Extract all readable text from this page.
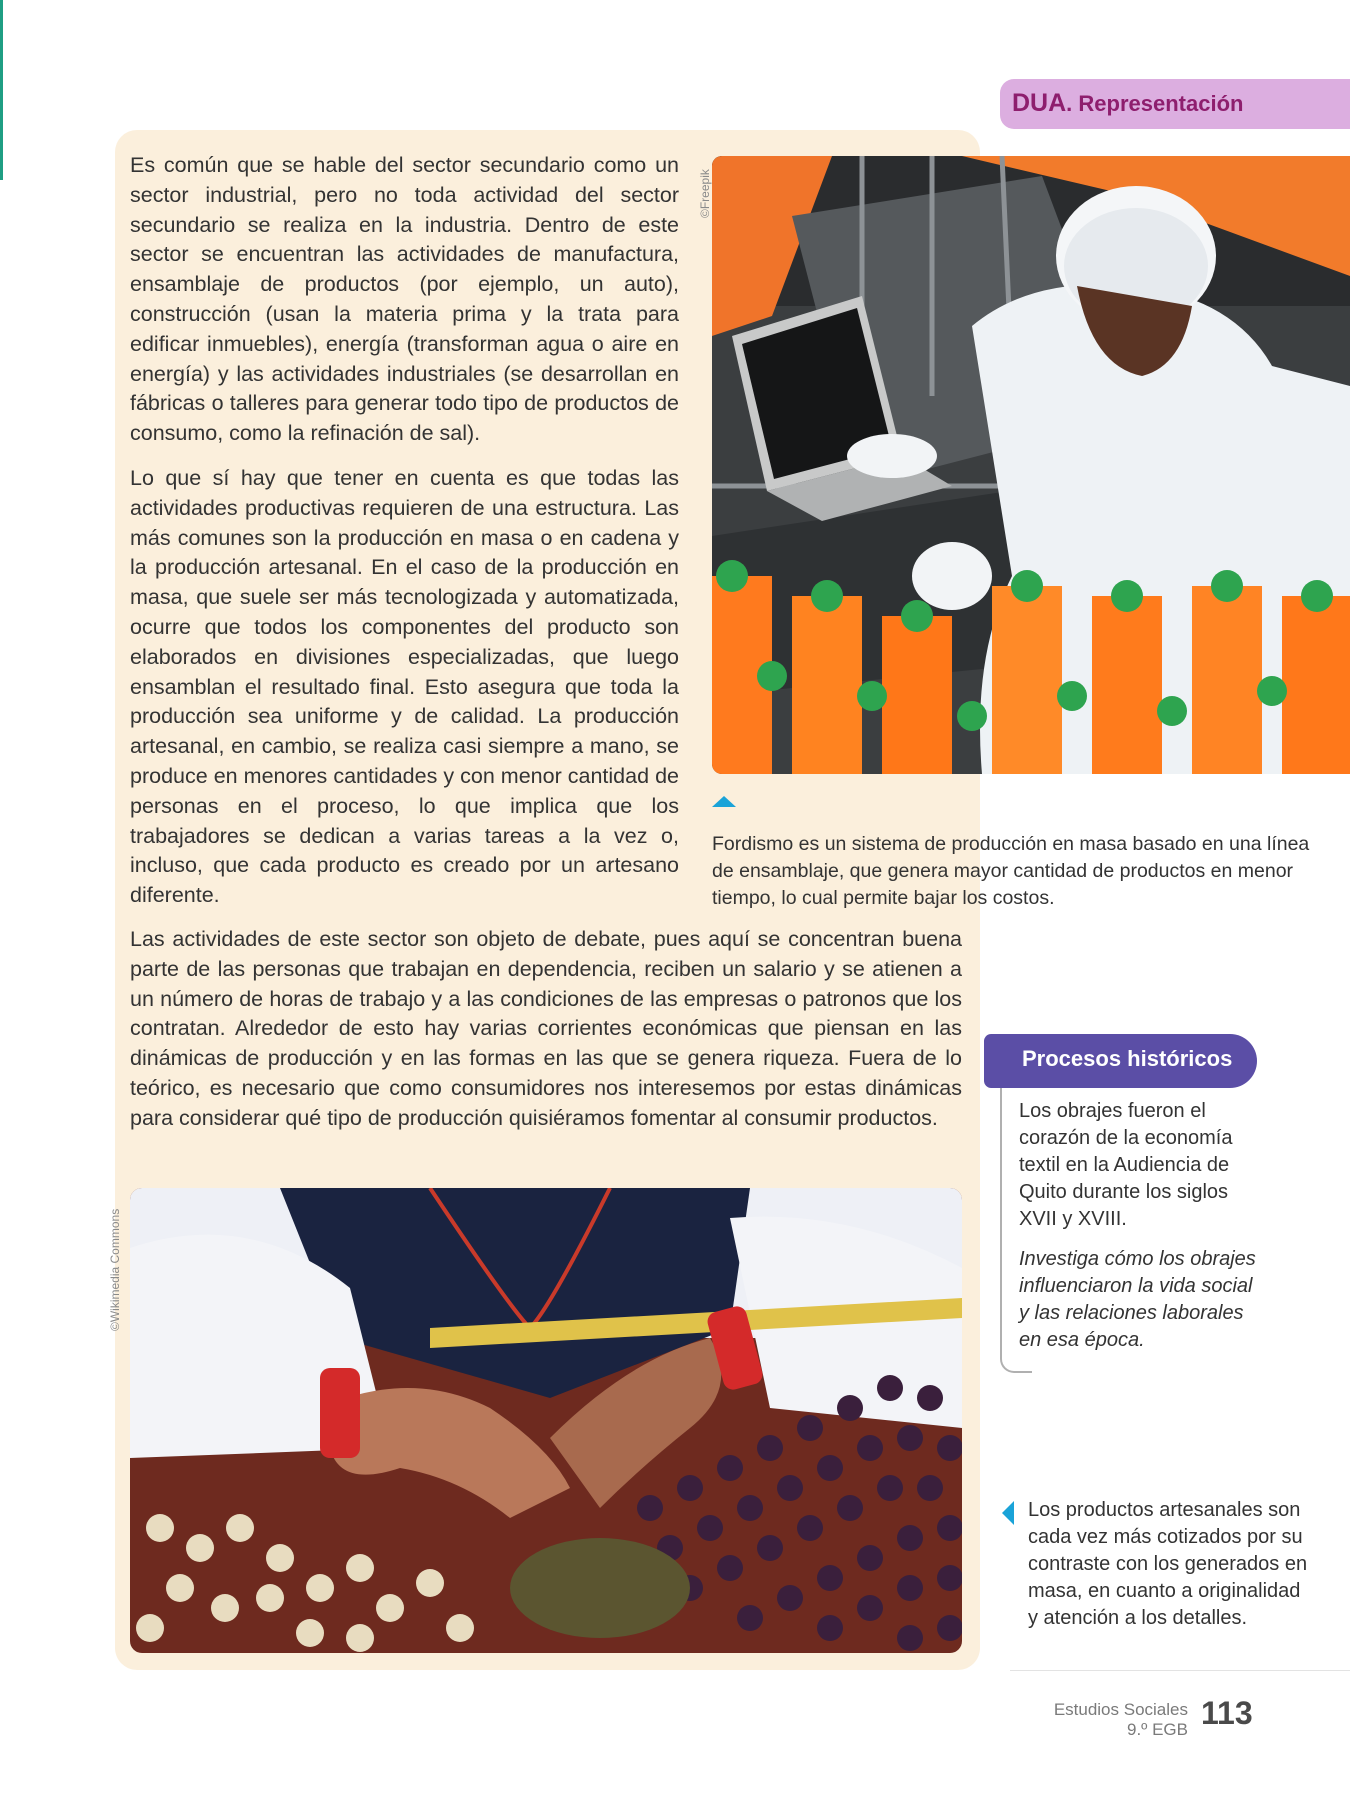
DUA. Representación
©Freepik
©Wikimedia Commons

Es común que se hable del sector secundario como un sector industrial, pero no toda actividad del sector secundario se realiza en la industria. Dentro de este sector se encuentran las actividades de manufactura, ensamblaje de productos (por ejemplo, un auto), construcción (usan la materia prima y la trata para edificar inmuebles), energía (transforman agua o aire en energía) y las actividades industriales (se desarrollan en fábricas o talleres para generar todo tipo de productos de consumo, como la refinación de sal).

Lo que sí hay que tener en cuenta es que todas las actividades productivas requieren de una estructura. Las más comunes son la producción en masa o en cadena y la producción artesanal. En el caso de la producción en masa, que suele ser más tecnologizada y automatizada, ocurre que todos los componentes del producto son elaborados en divisiones especializadas, que luego ensamblan el resultado final. Esto asegura que toda la producción sea uniforme y de calidad. La producción artesanal, en cambio, se realiza casi siempre a mano, se produce en menores cantidades y con menor cantidad de personas en el proceso, lo que implica que los trabajadores se dedican a varias tareas a la vez o, incluso, que cada producto es creado por un artesano diferente.

Las actividades de este sector son objeto de debate, pues aquí se concentran buena parte de las personas que trabajan en dependencia, reciben un salario y se atienen a un número de horas de trabajo y a las condiciones de las empresas o patronos que los contratan. Alrededor de esto hay varias corrientes económicas que piensan en las dinámicas de producción y en las formas en las que se genera riqueza. Fuera de lo teórico, es necesario que como consumidores nos interesemos por estas dinámicas para considerar qué tipo de producción quisiéramos fomentar al consumir productos.

Fordismo es un sistema de producción en masa basado en una línea de ensamblaje, que genera mayor cantidad de productos en menor tiempo, lo cual permite bajar los costos.

Procesos históricos

Los obrajes fueron el corazón de la economía textil en la Audiencia de Quito durante los siglos XVII y XVIII.

Investiga cómo los obrajes influenciaron la vida social y las relaciones laborales en esa época.

Los productos artesanales son cada vez más cotizados por su contraste con los generados en masa, en cuanto a originalidad y atención a los detalles.

Estudios Sociales
9.º EGB 113
